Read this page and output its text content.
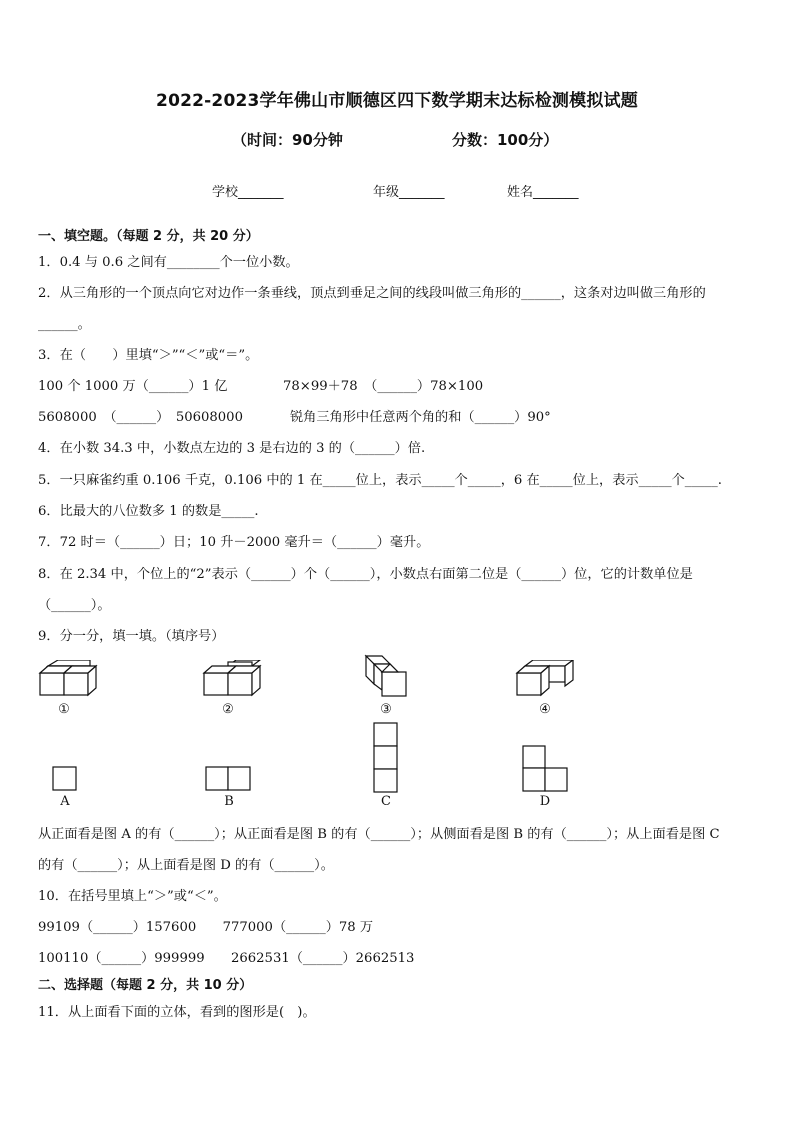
2022-2023学年佛山市顺德区四下数学期末达标检测模拟试题
（时间：90分钟	分数：100分）
学校_______	年级_______	姓名_______
一、填空题。（每题 2 分，共 20 分）
1．0.4 与 0.6 之间有________个一位小数。
2．从三角形的一个顶点向它对边作一条垂线，顶点到垂足之间的线段叫做三角形的______，这条对边叫做三角形的
______。
3．在（　　）里填“＞”“＜”或“＝”。
100 个 1000 万（______）1 亿	78×99＋78　（______）78×100
5608000　（______）　50608000	锐角三角形中任意两个角的和（______）90°
4．在小数 34.3 中，小数点左边的 3 是右边的 3 的（______）倍.
5．一只麻雀约重 0.106 千克，0.106 中的 1 在_____位上，表示_____个_____，6 在_____位上，表示_____个_____.
6．比最大的八位数多 1 的数是_____.
7．72 时＝（______）日；10 升－2000 毫升＝（______）毫升。
8．在 2.34 中，个位上的“2”表示（______）个（______），小数点右面第二位是（______）位，它的计数单位是
（______）。
9．分一分，填一填。（填序号）
①	②	③	④
A	B	C	D
从正面看是图 A 的有（______）；从正面看是图 B 的有（______）；从侧面看是图 B 的有（______）；从上面看是图 C
的有（______）；从上面看是图 D 的有（______）。
10．在括号里填上“＞”或“＜”。
99109（______）157600　　777000（______）78 万
100110（______）999999　　2662531（______）2662513
二、选择题（每题 2 分，共 10 分）
11．从上面看下面的立体，看到的图形是(　)。
